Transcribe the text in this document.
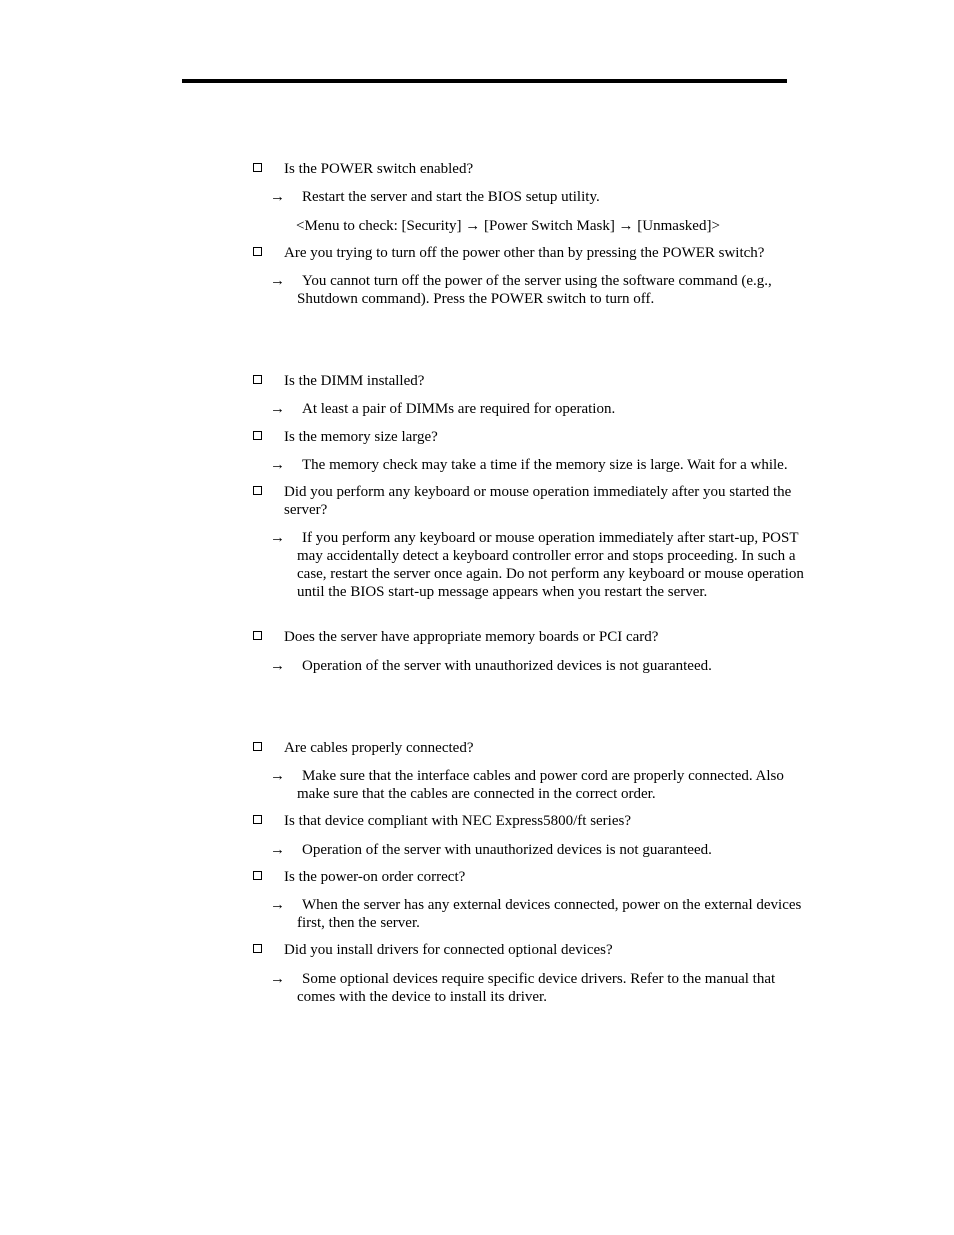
Is the POWER switch enabled?
→	Restart the server and start the BIOS setup utility.
<Menu to check: [Security] → [Power Switch Mask] → [Unmasked]>
Are you trying to turn off the power other than by pressing the POWER switch?
→	You cannot turn off the power of the server using the software command (e.g., Shutdown command). Press the POWER switch to turn off.
Is the DIMM installed?
→	At least a pair of DIMMs are required for operation.
Is the memory size large?
→	The memory check may take a time if the memory size is large. Wait for a while.
Did you perform any keyboard or mouse operation immediately after you started the server?
→	If you perform any keyboard or mouse operation immediately after start-up, POST may accidentally detect a keyboard controller error and stops proceeding. In such a case, restart the server once again. Do not perform any keyboard or mouse operation until the BIOS start-up message appears when you restart the server.
Does the server have appropriate memory boards or PCI card?
→	Operation of the server with unauthorized devices is not guaranteed.
Are cables properly connected?
→	Make sure that the interface cables and power cord are properly connected. Also make sure that the cables are connected in the correct order.
Is that device compliant with NEC Express5800/ft series?
→	Operation of the server with unauthorized devices is not guaranteed.
Is the power-on order correct?
→	When the server has any external devices connected, power on the external devices first, then the server.
Did you install drivers for connected optional devices?
→	Some optional devices require specific device drivers. Refer to the manual that comes with the device to install its driver.
